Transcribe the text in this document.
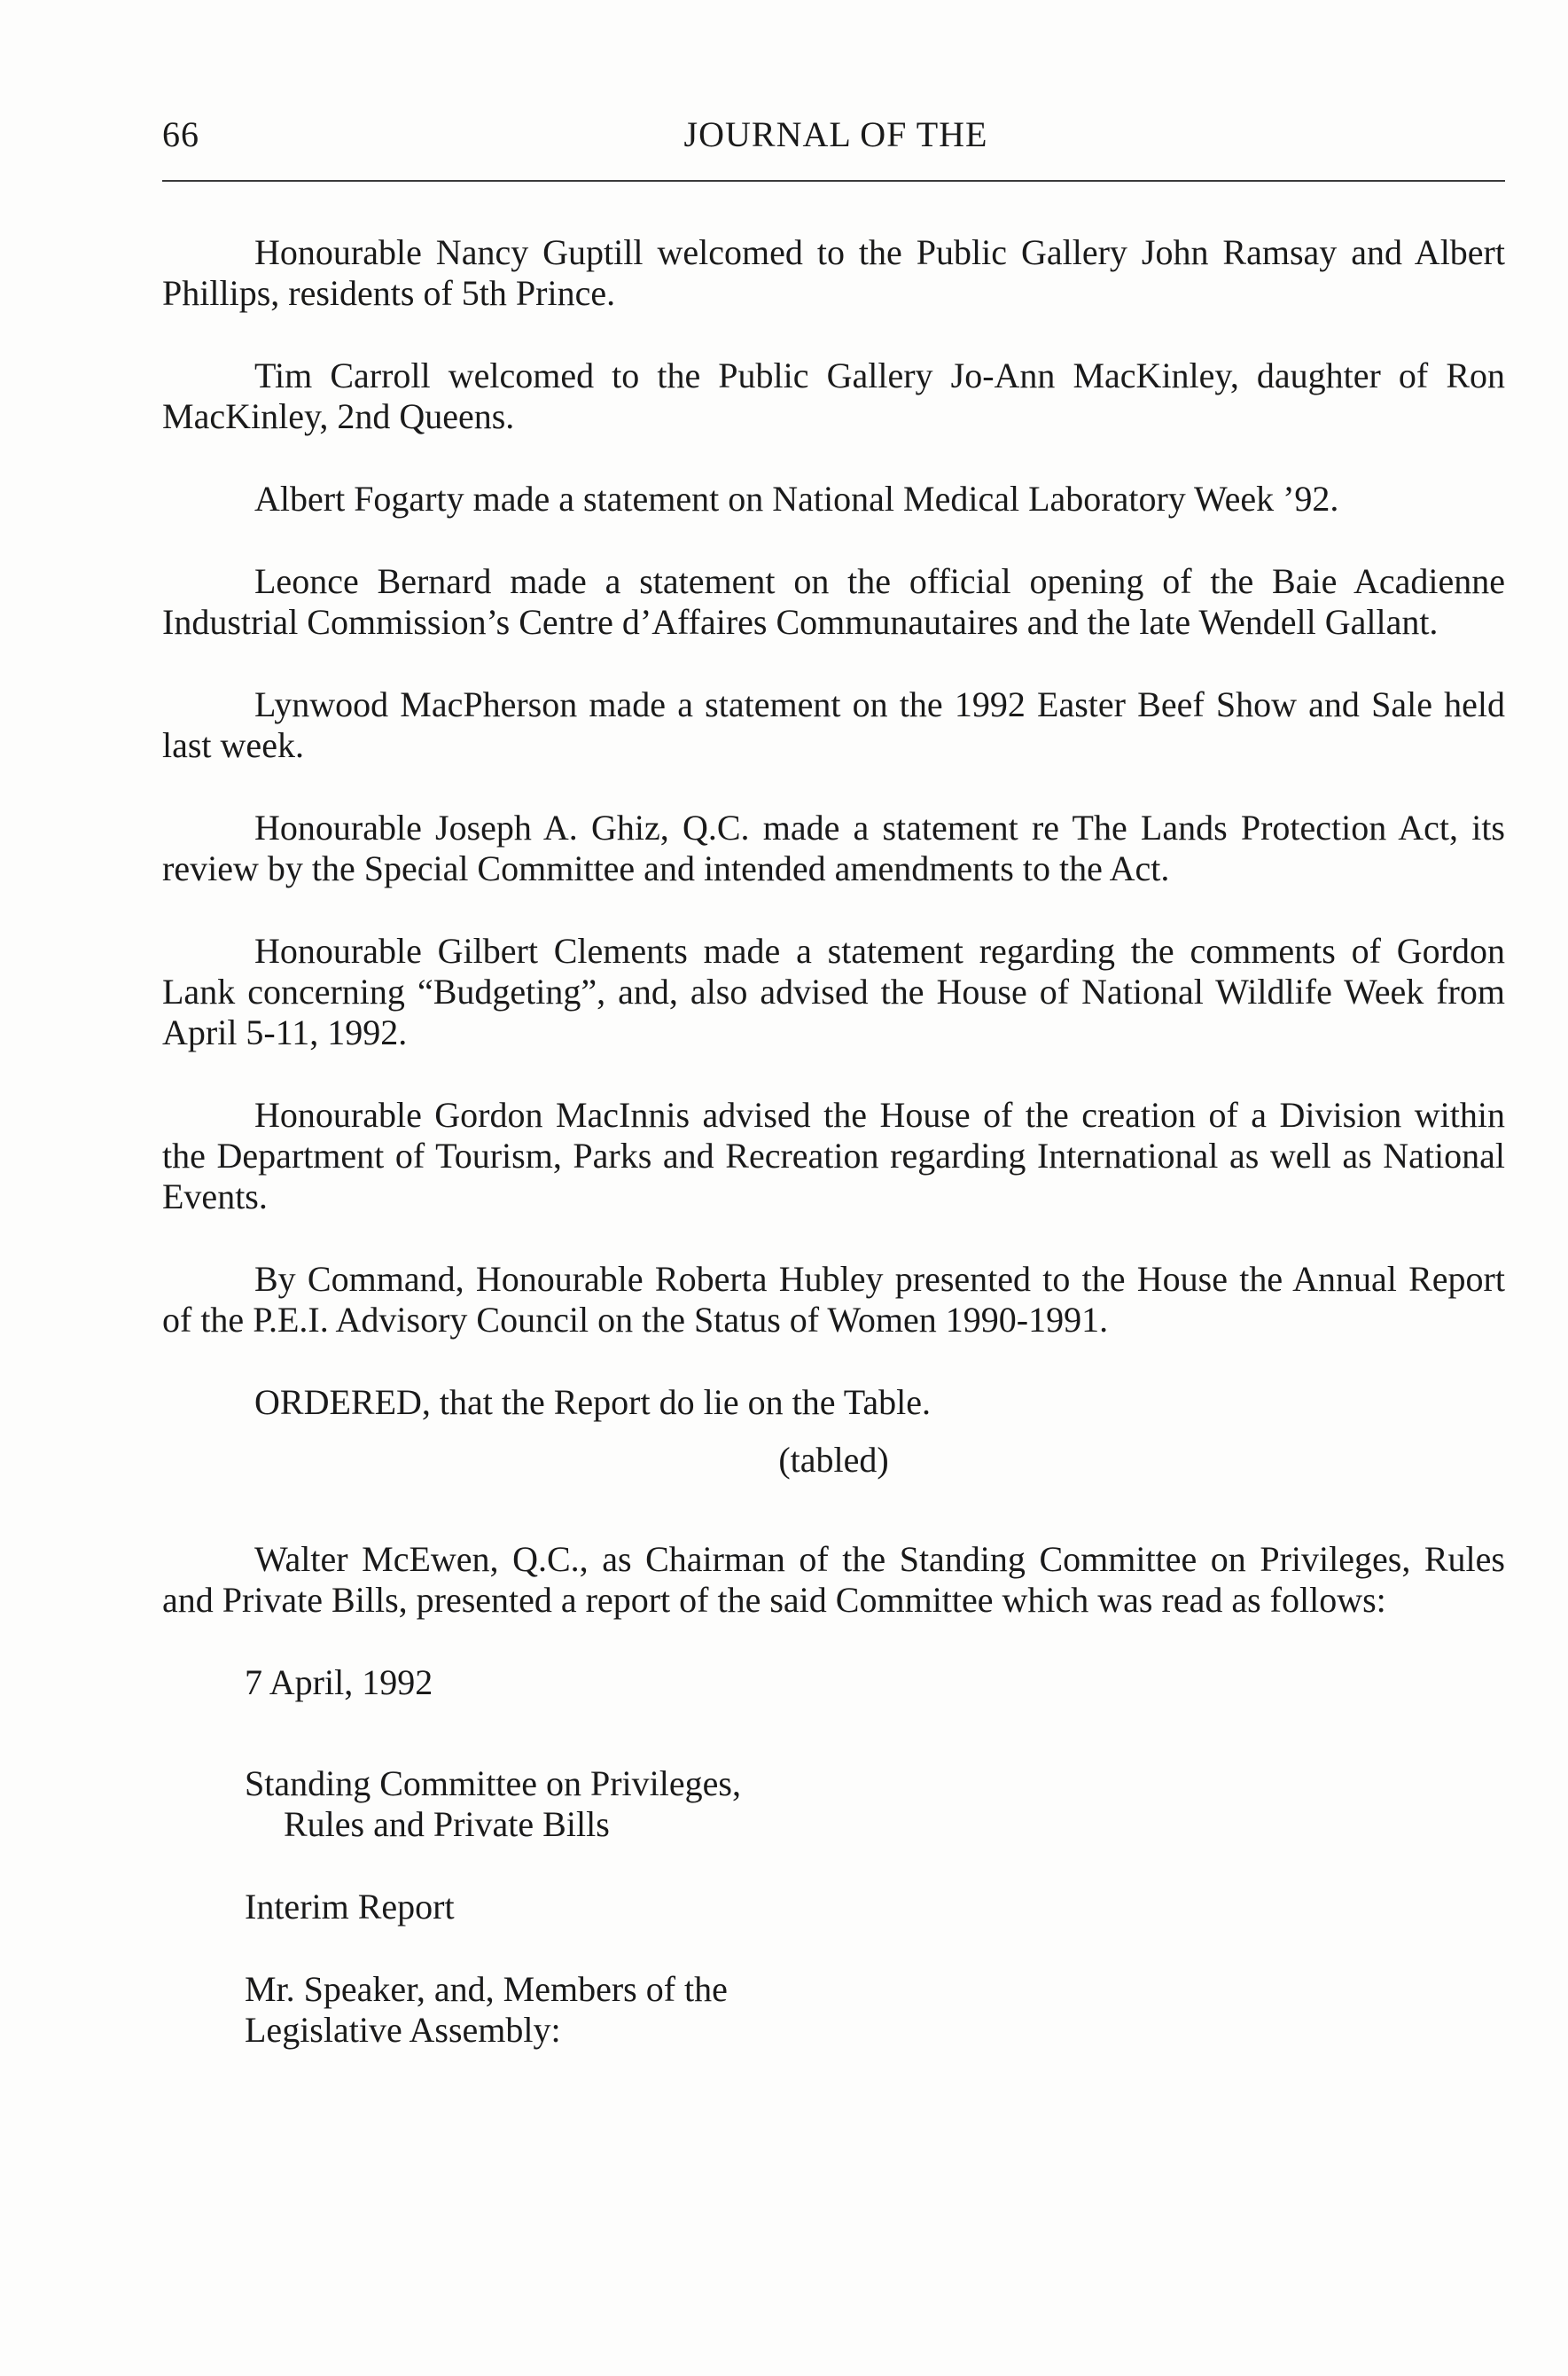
66	JOURNAL OF THE

Honourable Nancy Guptill welcomed to the Public Gallery John Ramsay and Albert Phillips, residents of 5th Prince.

Tim Carroll welcomed to the Public Gallery Jo-Ann MacKinley, daughter of Ron MacKinley, 2nd Queens.

Albert Fogarty made a statement on National Medical Laboratory Week ’92.

Leonce Bernard made a statement on the official opening of the Baie Acadienne Industrial Commission’s Centre d’Affaires Communautaires and the late Wendell Gallant.

Lynwood MacPherson made a statement on the 1992 Easter Beef Show and Sale held last week.

Honourable Joseph A. Ghiz, Q.C. made a statement re The Lands Protection Act, its review by the Special Committee and intended amendments to the Act.

Honourable Gilbert Clements made a statement regarding the comments of Gordon Lank concerning “Budgeting”, and, also advised the House of National Wildlife Week from April 5-11, 1992.

Honourable Gordon MacInnis advised the House of the creation of a Division within the Department of Tourism, Parks and Recreation regarding International as well as National Events.

By Command, Honourable Roberta Hubley presented to the House the Annual Report of the P.E.I. Advisory Council on the Status of Women 1990-1991.

ORDERED, that the Report do lie on the Table.

(tabled)

Walter McEwen, Q.C., as Chairman of the Standing Committee on Privileges, Rules and Private Bills, presented a report of the said Committee which was read as follows:

7 April, 1992
Standing Committee on Privileges,
Rules and Private Bills
Interim Report
Mr. Speaker, and, Members of the
Legislative Assembly:
